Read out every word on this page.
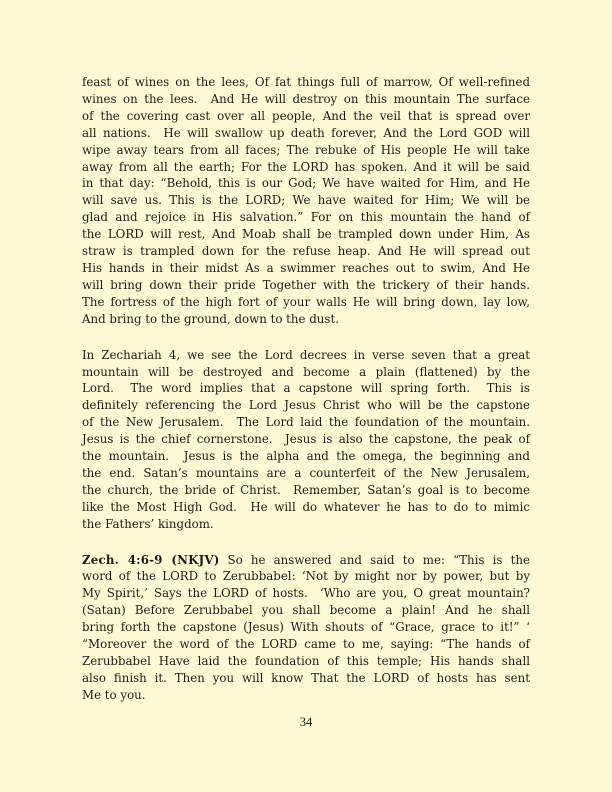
feast of wines on the lees, Of fat things full of marrow, Of well-refined
wines on the lees.  And He will destroy on this mountain The surface
of the covering cast over all people, And the veil that is spread over
all nations.  He will swallow up death forever, And the Lord GOD will
wipe away tears from all faces; The rebuke of His people He will take
away from all the earth; For the LORD has spoken. And it will be said
in that day: “Behold, this is our God; We have waited for Him, and He
will save us. This is the LORD; We have waited for Him; We will be
glad and rejoice in His salvation.” For on this mountain the hand of
the LORD will rest, And Moab shall be trampled down under Him, As
straw is trampled down for the refuse heap. And He will spread out
His hands in their midst As a swimmer reaches out to swim, And He
will bring down their pride Together with the trickery of their hands.
The fortress of the high fort of your walls He will bring down, lay low,
And bring to the ground, down to the dust.
In Zechariah 4, we see the Lord decrees in verse seven that a great
mountain will be destroyed and become a plain (flattened) by the
Lord.  The word implies that a capstone will spring forth.  This is
definitely referencing the Lord Jesus Christ who will be the capstone
of the New Jerusalem.  The Lord laid the foundation of the mountain.
Jesus is the chief cornerstone.  Jesus is also the capstone, the peak of
the mountain.  Jesus is the alpha and the omega, the beginning and
the end. Satan’s mountains are a counterfeit of the New Jerusalem,
the church, the bride of Christ.  Remember, Satan’s goal is to become
like the Most High God.  He will do whatever he has to do to mimic
the Fathers’ kingdom.
Zech. 4:6-9 (NKJV) So he answered and said to me: “This is the
word of the LORD to Zerubbabel: ‘Not by might nor by power, but by
My Spirit,’ Says the LORD of hosts.  ‘Who are you, O great mountain?
(Satan) Before Zerubbabel you shall become a plain! And he shall
bring forth the capstone (Jesus) With shouts of “Grace, grace to it!” ‘
“Moreover the word of the LORD came to me, saying: “The hands of
Zerubbabel Have laid the foundation of this temple; His hands shall
also finish it. Then you will know That the LORD of hosts has sent
Me to you.
34
